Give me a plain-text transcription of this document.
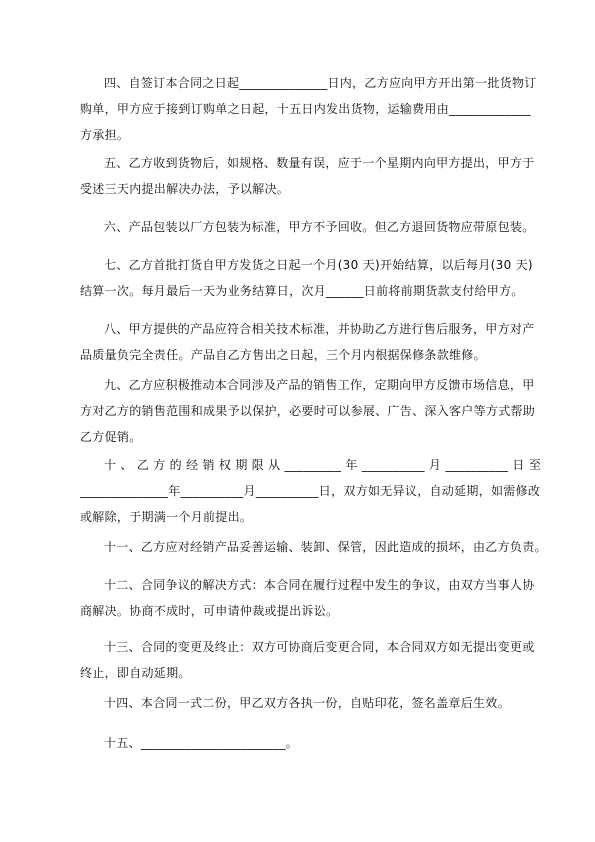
四、自签订本合同之日起______________日内，乙方应向甲方开出第一批货物订
购单，甲方应于接到订购单之日起，十五日内发出货物，运输费用由_____________
方承担。
五、乙方收到货物后，如规格、数量有误，应于一个星期内向甲方提出，甲方于
受述三天内提出解决办法，予以解决。
六、产品包装以厂方包装为标准，甲方不予回收。但乙方退回货物应带原包装。
七、乙方首批打货自甲方发货之日起一个月(30 天)开始结算，以后每月(30 天)
结算一次。每月最后一天为业务结算日，次月______日前将前期货款支付给甲方。
八、甲方提供的产品应符合相关技术标准，并协助乙方进行售后服务，甲方对产
品质量负完全责任。产品自乙方售出之日起，三个月内根据保修条款维修。
九、乙方应积极推动本合同涉及产品的销售工作，定期向甲方反馈市场信息，甲
方对乙方的销售范围和成果予以保护，必要时可以参展、广告、深入客户等方式帮助
乙方促销。
十 、 乙 方 的 经 销 权 期 限 从 _________ 年 __________ 月 __________ 日 至
______________年__________月__________日，双方如无异议，自动延期，如需修改
或解除，于期满一个月前提出。
十一、乙方应对经销产品妥善运输、装卸、保管，因此造成的损坏，由乙方负责。
十二、合同争议的解决方式：本合同在履行过程中发生的争议，由双方当事人协
商解决。协商不成时，可申请仲裁或提出诉讼。
十三、合同的变更及终止：双方可协商后变更合同，本合同双方如无提出变更或
终止，即自动延期。
十四、本合同一式二份，甲乙双方各执一份，自贴印花，签名盖章后生效。
十五、_______________________。
